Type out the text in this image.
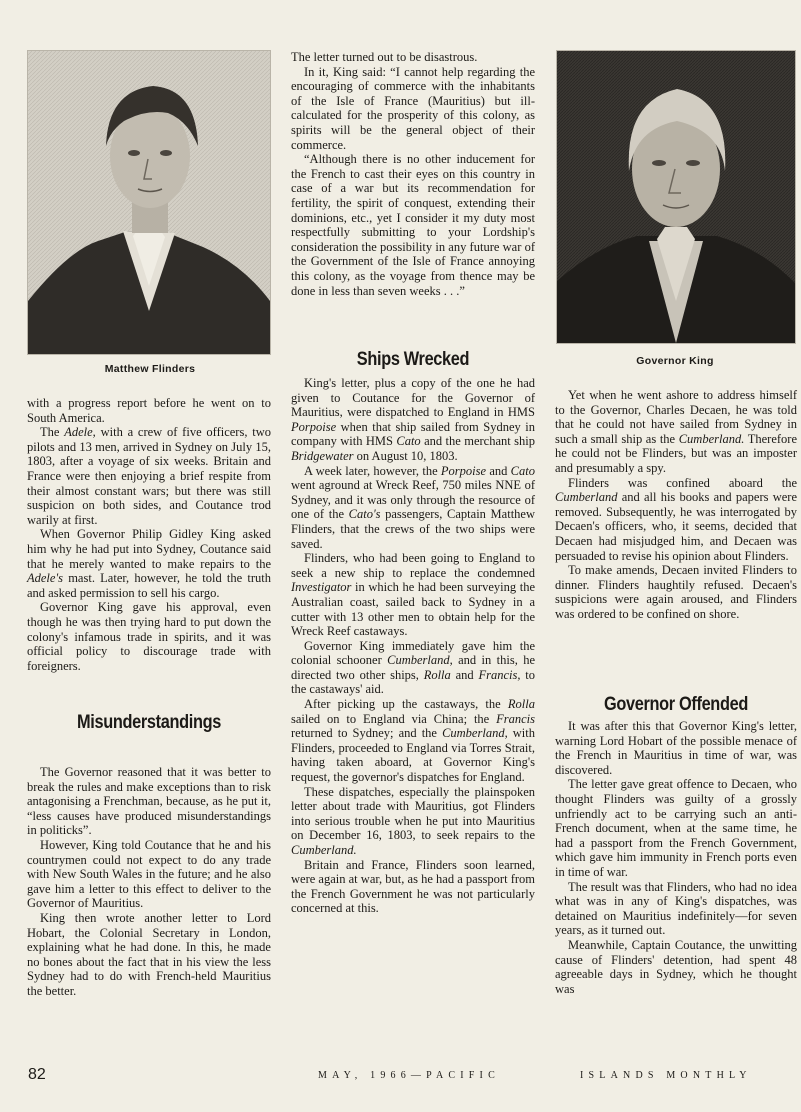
Matthew Flinders
Governor King

with a progress report before he went on to South America.

The Adele, with a crew of five officers, two pilots and 13 men, arrived in Sydney on July 15, 1803, after a voyage of six weeks. Britain and France were then enjoying a brief respite from their almost constant wars; but there was still suspicion on both sides, and Coutance trod warily at first.

When Governor Philip Gidley King asked him why he had put into Sydney, Coutance said that he merely wanted to make repairs to the Adele's mast. Later, however, he told the truth and asked permission to sell his cargo.

Governor King gave his approval, even though he was then trying hard to put down the colony's infamous trade in spirits, and it was official policy to discourage trade with foreigners.

Misunderstandings

The Governor reasoned that it was better to break the rules and make exceptions than to risk antagonising a Frenchman, because, as he put it, “less causes have produced misunderstandings in politicks”.

However, King told Coutance that he and his countrymen could not expect to do any trade with New South Wales in the future; and he also gave him a letter to this effect to deliver to the Governor of Mauritius.

King then wrote another letter to Lord Hobart, the Colonial Secretary in London, explaining what he had done. In this, he made no bones about the fact that in his view the less Sydney had to do with French-held Mauritius the better.

The letter turned out to be disastrous.

In it, King said: “I cannot help regarding the encouraging of commerce with the inhabitants of the Isle of France (Mauritius) but ill-calculated for the prosperity of this colony, as spirits will be the general object of their commerce.

“Although there is no other inducement for the French to cast their eyes on this country in case of a war but its recommendation for fertility, the spirit of conquest, extending their dominions, etc., yet I consider it my duty most respectfully submitting to your Lordship's consideration the possibility in any future war of the Government of the Isle of France annoying this colony, as the voyage from thence may be done in less than seven weeks . . .”

Ships Wrecked

King's letter, plus a copy of the one he had given to Coutance for the Governor of Mauritius, were dispatched to England in HMS Porpoise when that ship sailed from Sydney in company with HMS Cato and the merchant ship Bridgewater on August 10, 1803.

A week later, however, the Porpoise and Cato went aground at Wreck Reef, 750 miles NNE of Sydney, and it was only through the resource of one of the Cato's passengers, Captain Matthew Flinders, that the crews of the two ships were saved.

Flinders, who had been going to England to seek a new ship to replace the condemned Investigator in which he had been surveying the Australian coast, sailed back to Sydney in a cutter with 13 other men to obtain help for the Wreck Reef castaways.

Governor King immediately gave him the colonial schooner Cumberland, and in this, he directed two other ships, Rolla and Francis, to the castaways' aid.

After picking up the castaways, the Rolla sailed on to England via China; the Francis returned to Sydney; and the Cumberland, with Flinders, proceeded to England via Torres Strait, having taken aboard, at Governor King's request, the governor's dispatches for England.

These dispatches, especially the plainspoken letter about trade with Mauritius, got Flinders into serious trouble when he put into Mauritius on December 16, 1803, to seek repairs to the Cumberland.

Britain and France, Flinders soon learned, were again at war, but, as he had a passport from the French Government he was not particularly concerned at this.

Yet when he went ashore to address himself to the Governor, Charles Decaen, he was told that he could not have sailed from Sydney in such a small ship as the Cumberland. Therefore he could not be Flinders, but was an imposter and presumably a spy.

Flinders was confined aboard the Cumberland and all his books and papers were removed. Subsequently, he was interrogated by Decaen's officers, who, it seems, decided that Decaen had misjudged him, and Decaen was persuaded to revise his opinion about Flinders.

To make amends, Decaen invited Flinders to dinner. Flinders haughtily refused. Decaen's suspicions were again aroused, and Flinders was ordered to be confined on shore.

Governor Offended

It was after this that Governor King's letter, warning Lord Hobart of the possible menace of the French in Mauritius in time of war, was discovered.

The letter gave great offence to Decaen, who thought Flinders was guilty of a grossly unfriendly act to be carrying such an anti-French document, when at the same time, he had a passport from the French Government, which gave him immunity in French ports even in time of war.

The result was that Flinders, who had no idea what was in any of King's dispatches, was detained on Mauritius indefinitely—for seven years, as it turned out.

Meanwhile, Captain Coutance, the unwitting cause of Flinders' detention, had spent 48 agreeable days in Sydney, which he thought was

82	MAY, 1966—PACIFIC	ISLANDS MONTHLY
